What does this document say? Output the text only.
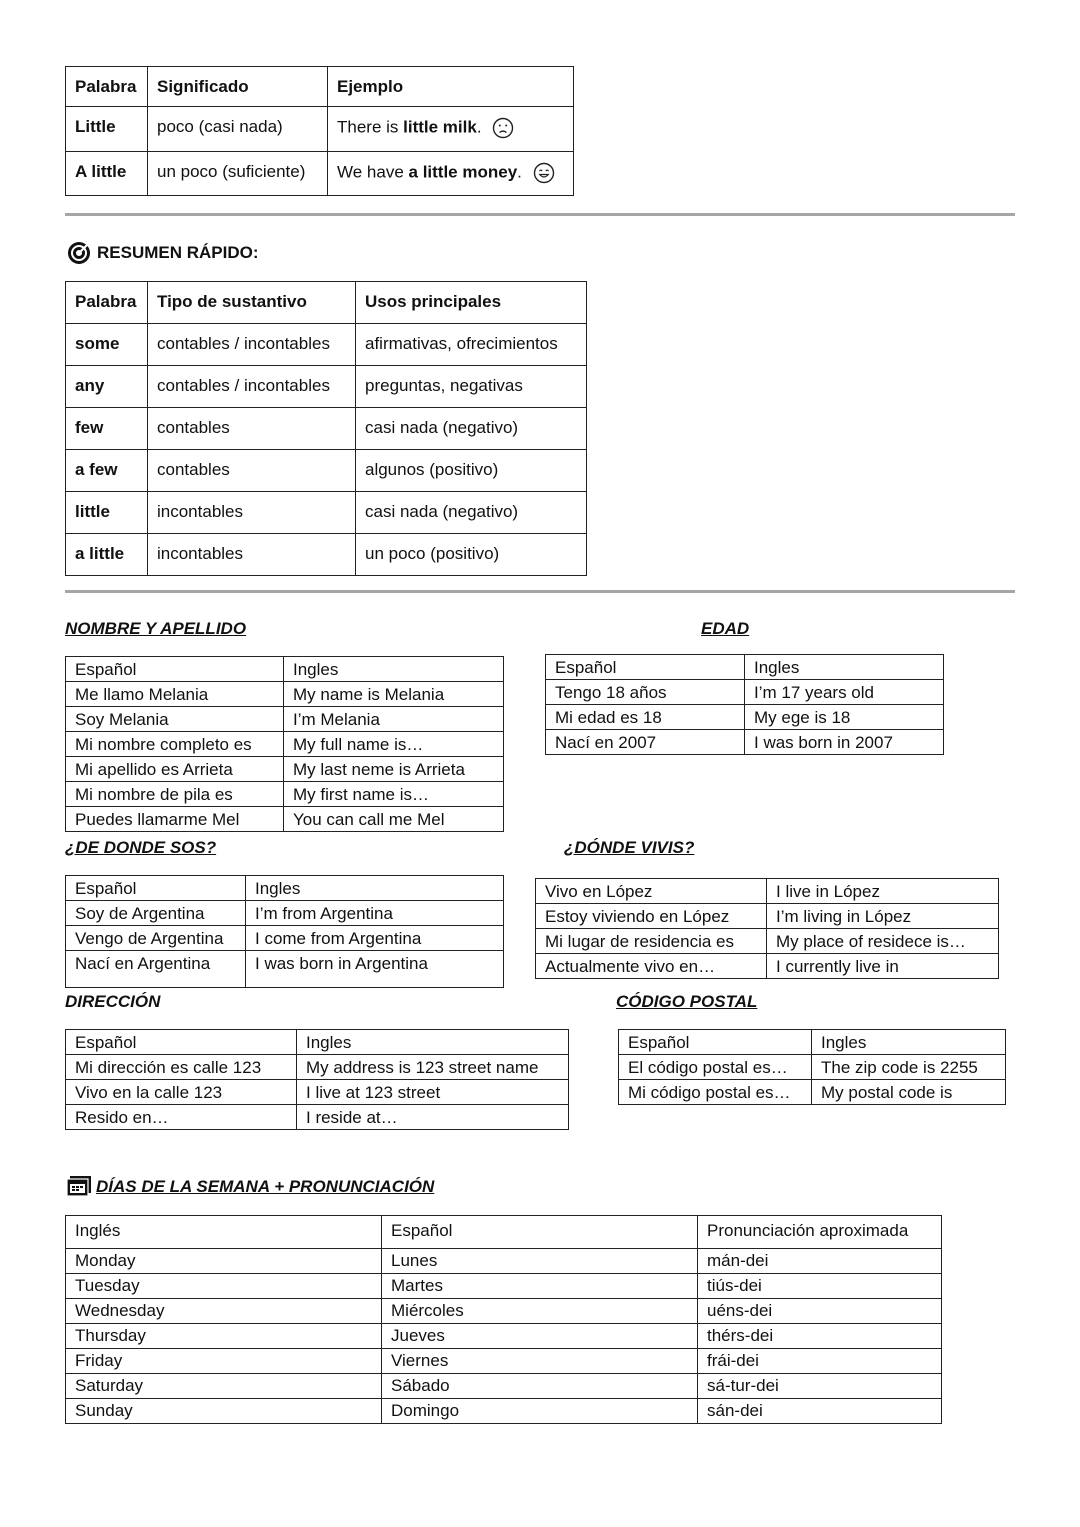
Palabra	Significado	Ejemplo
Little	poco (casi nada)	There is little milk.
A little	un poco (suficiente)	We have a little money.
RESUMEN RÁPIDO:
Palabra	Tipo de sustantivo	Usos principales
some	contables / incontables	afirmativas, ofrecimientos
any	contables / incontables	preguntas, negativas
few	contables	casi nada (negativo)
a few	contables	algunos (positivo)
little	incontables	casi nada (negativo)
a little	incontables	un poco (positivo)
NOMBRE Y APELLIDO
Español	Ingles
Me llamo Melania	My name is Melania
Soy Melania	I’m Melania
Mi nombre completo es	My full name is…
Mi apellido es Arrieta	My last neme is Arrieta
Mi nombre de pila es	My first name is…
Puedes llamarme Mel	You can call me Mel
EDAD
Español	Ingles
Tengo 18 años	I’m 17 years old
Mi edad es 18	My ege is 18
Nací en 2007	I was born in 2007
¿DE DONDE SOS?
Español	Ingles
Soy de Argentina	I’m from Argentina
Vengo de Argentina	I come from Argentina
Nací en Argentina	I was born in Argentina
¿DÓNDE VIVIS?
Vivo en López	I live in López
Estoy viviendo en López	I’m living in López
Mi lugar de residencia es	My place of residece is…
Actualmente vivo en…	I currently live in
DIRECCIÓN
Español	Ingles
Mi dirección es calle 123	My address is 123 street name
Vivo en la calle 123	I live at 123 street
Resido en…	I reside at…
CÓDIGO POSTAL
Español	Ingles
El código postal es…	The zip code is 2255
Mi código postal es…	My postal code is
DÍAS DE LA SEMANA + PRONUNCIACIÓN
Inglés	Español	Pronunciación aproximada
Monday	Lunes	mán-dei
Tuesday	Martes	tiús-dei
Wednesday	Miércoles	uéns-dei
Thursday	Jueves	thérs-dei
Friday	Viernes	frái-dei
Saturday	Sábado	sá-tur-dei
Sunday	Domingo	sán-dei
